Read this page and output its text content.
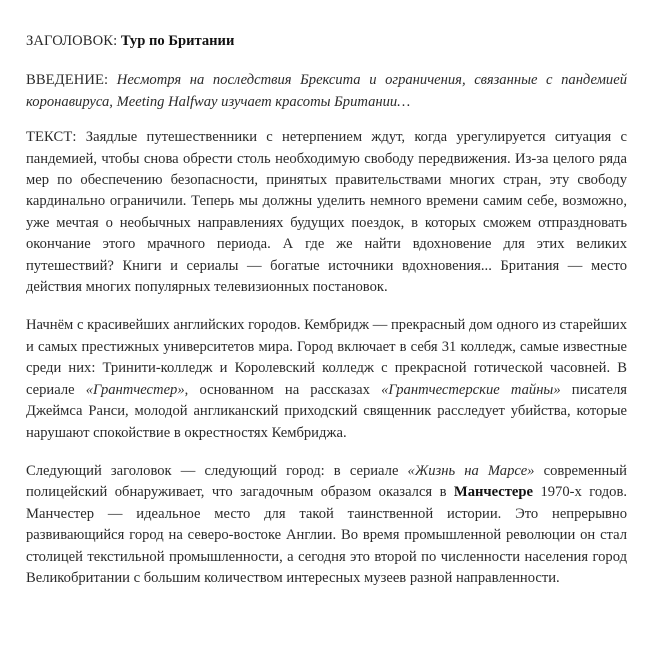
ЗАГОЛОВОК: Тур по Британии

ВВЕДЕНИЕ: Несмотря на последствия Брексита и ограничения, связанные с пандемией коронавируса, Meeting Halfway изучает красоты Британии…

ТЕКСТ: Заядлые путешественники с нетерпением ждут, когда урегулируется ситуация с пандемией, чтобы снова обрести столь необходимую свободу передвижения. Из-за целого ряда мер по обеспечению безопасности, принятых правительствами многих стран, эту свободу кардинально ограничили. Теперь мы должны уделить немного времени самим себе, возможно, уже мечтая о необычных направлениях будущих поездок, в которых сможем отпраздновать окончание этого мрачного периода. А где же найти вдохновение для этих великих путешествий? Книги и сериалы — богатые источники вдохновения... Британия — место действия многих популярных телевизионных постановок.

Начнём с красивейших английских городов. Кембридж — прекрасный дом одного из старейших и самых престижных университетов мира. Город включает в себя 31 колледж, самые известные среди них: Тринити-колледж и Королевский колледж с прекрасной готической часовней. В сериале «Грантчестер», основанном на рассказах «Грантчестерские тайны» писателя Джеймса Ранси, молодой англиканский приходский священник расследует убийства, которые нарушают спокойствие в окрестностях Кембриджа.

Следующий заголовок — следующий город: в сериале «Жизнь на Марсе» современный полицейский обнаруживает, что загадочным образом оказался в Манчестере 1970-х годов. Манчестер — идеальное место для такой таинственной истории. Это непрерывно развивающийся город на северо-востоке Англии. Во время промышленной революции он стал столицей текстильной промышленности, а сегодня это второй по численности населения город Великобритании с большим количеством интересных музеев разной направленности.
